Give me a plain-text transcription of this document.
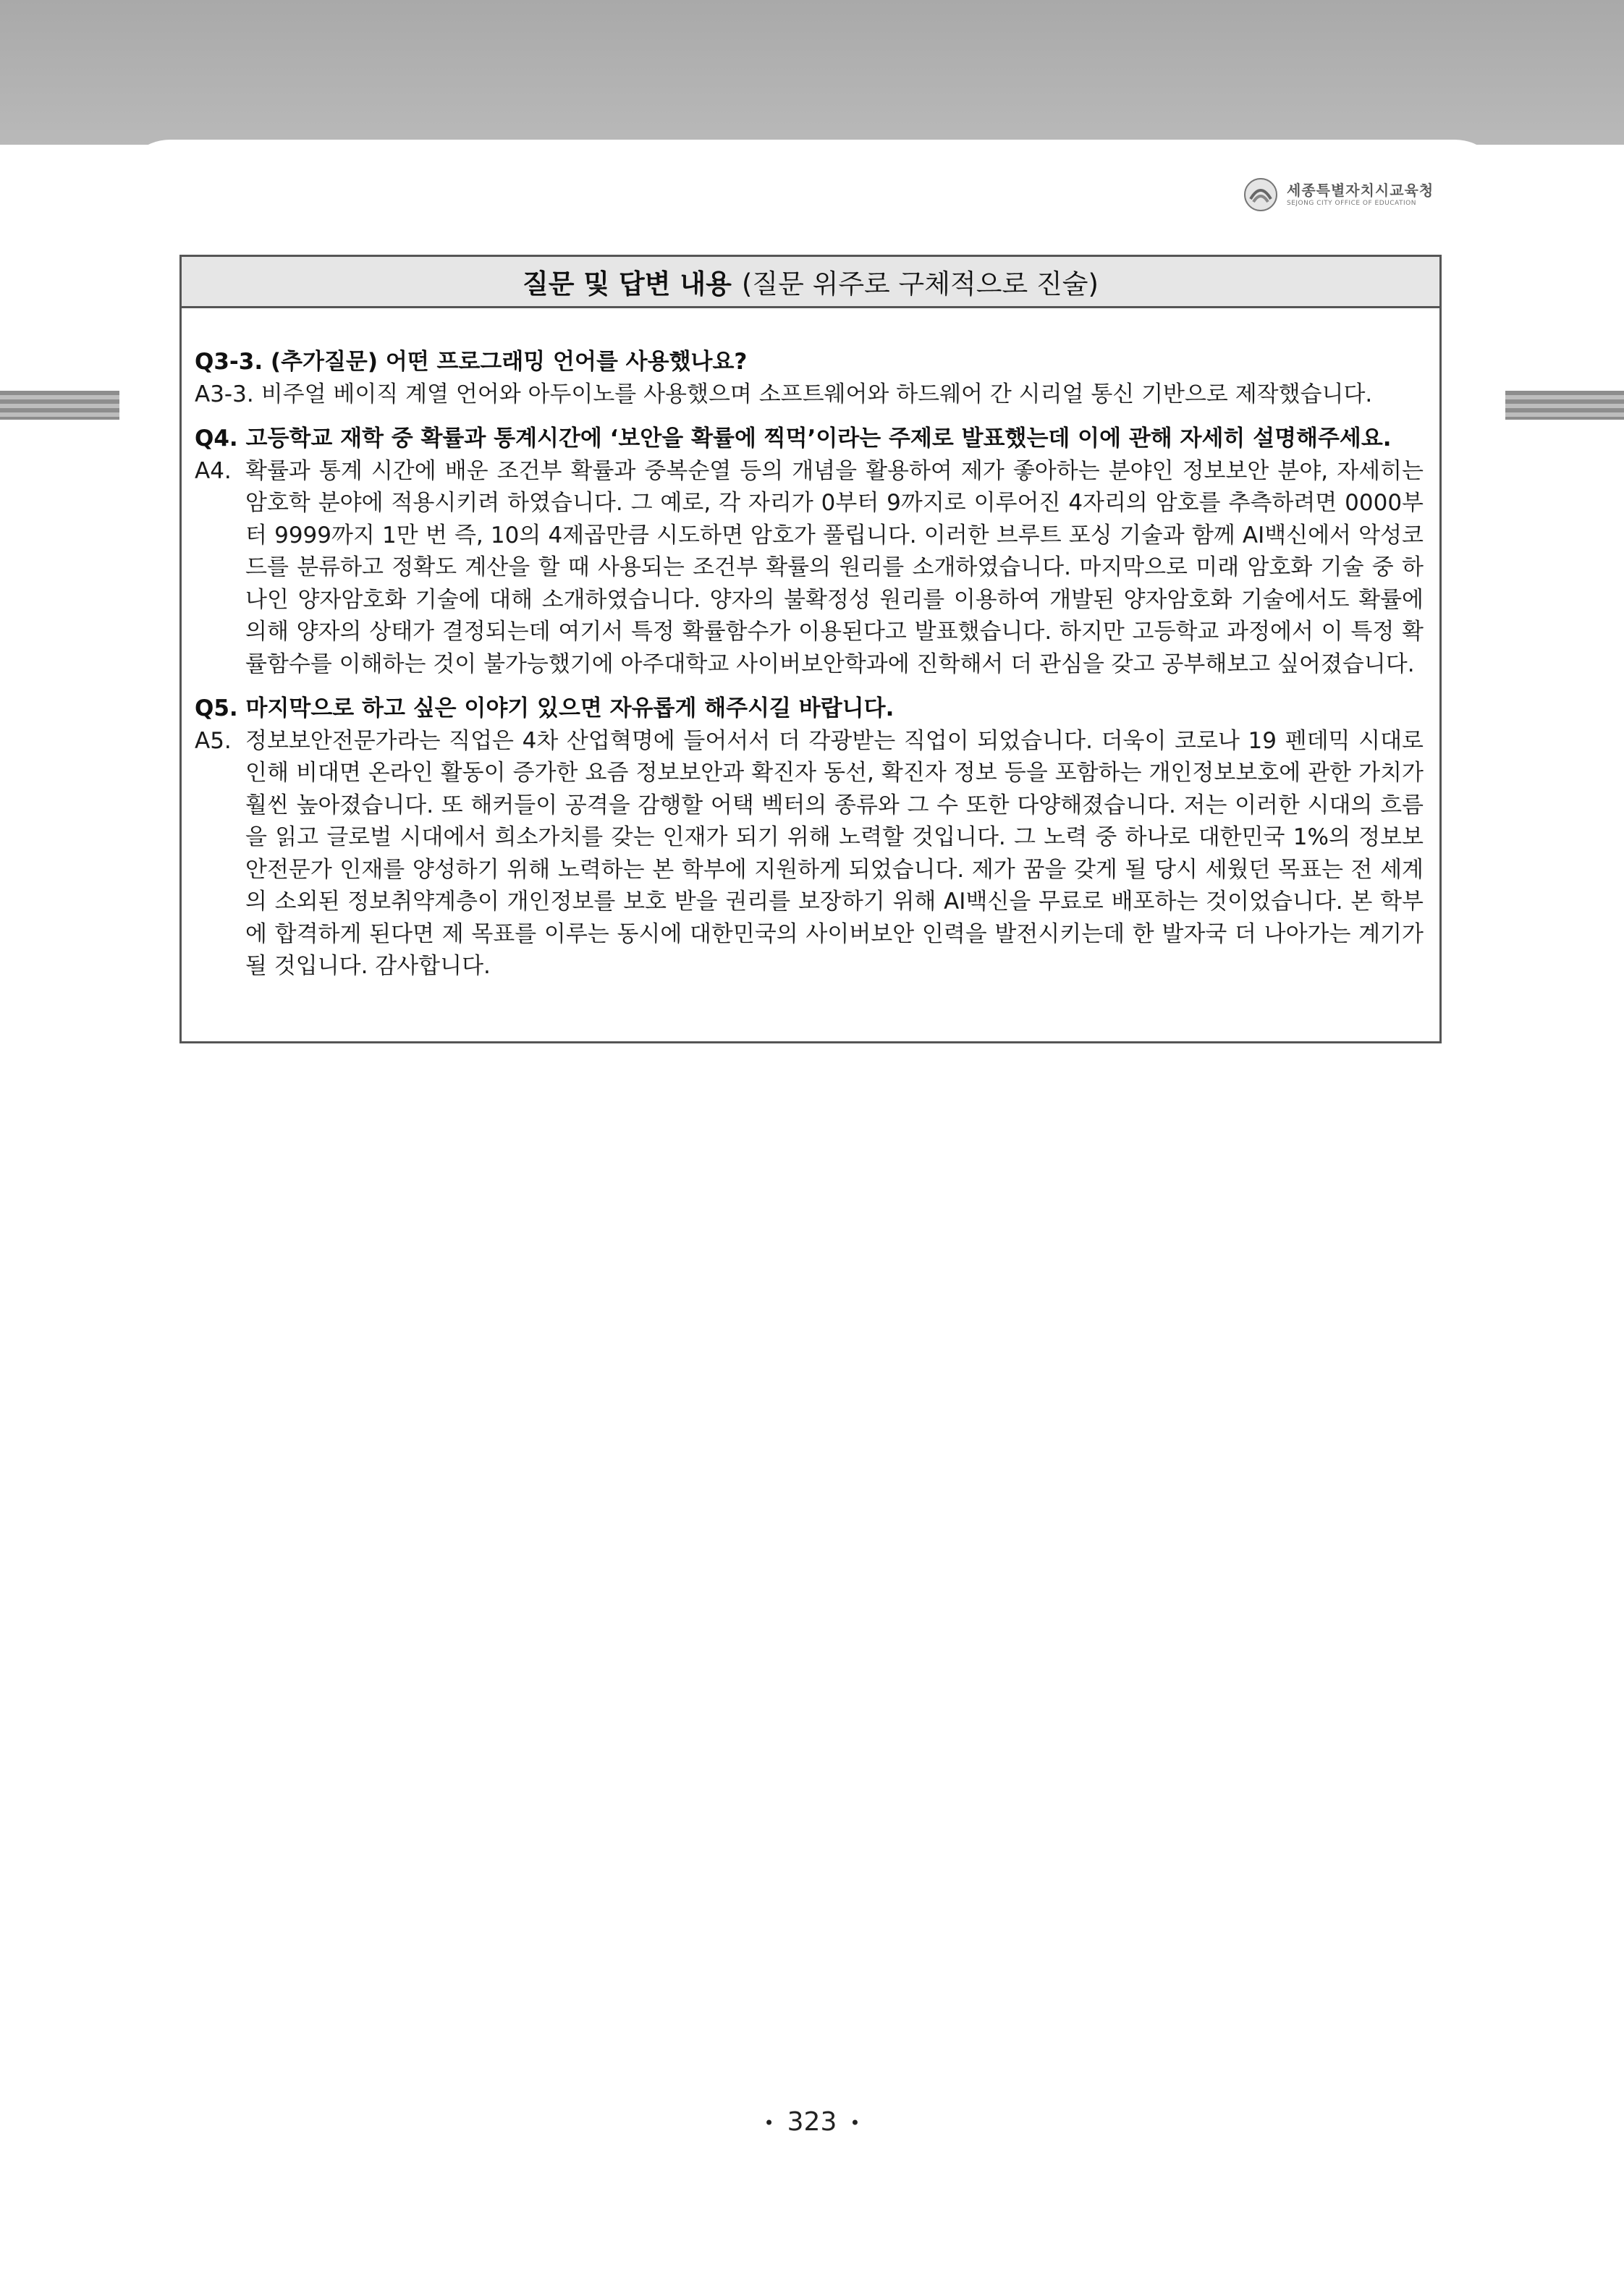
세종특별자치시교육청
SEJONG CITY OFFICE OF EDUCATION
질문 및 답변 내용 (질문 위주로 구체적으로 진술)
Q3-3. (추가질문) 어떤 프로그래밍 언어를 사용했나요?
A3-3. 비주얼 베이직 계열 언어와 아두이노를 사용했으며 소프트웨어와 하드웨어 간 시리얼 통신 기반으로 제작했습니다.
Q4. 고등학교 재학 중 확률과 통계시간에 ‘보안을 확률에 찍먹’이라는 주제로 발표했는데 이에 관해 자세히 설명해주세요.
A4. 확률과 통계 시간에 배운 조건부 확률과 중복순열 등의 개념을 활용하여 제가 좋아하는 분야인 정보보안 분야, 자세히는 암호학 분야에 적용시키려 하였습니다. 그 예로, 각 자리가 0부터 9까지로 이루어진 4자리의 암호를 추측하려면 0000부터 9999까지 1만 번 즉, 10의 4제곱만큼 시도하면 암호가 풀립니다. 이러한 브루트 포싱 기술과 함께 AI백신에서 악성코드를 분류하고 정확도 계산을 할 때 사용되는 조건부 확률의 원리를 소개하였습니다. 마지막으로 미래 암호화 기술 중 하나인 양자암호화 기술에 대해 소개하였습니다. 양자의 불확정성 원리를 이용하여 개발된 양자암호화 기술에서도 확률에 의해 양자의 상태가 결정되는데 여기서 특정 확률함수가 이용된다고 발표했습니다. 하지만 고등학교 과정에서 이 특정 확률함수를 이해하는 것이 불가능했기에 아주대학교 사이버보안학과에 진학해서 더 관심을 갖고 공부해보고 싶어졌습니다.
Q5. 마지막으로 하고 싶은 이야기 있으면 자유롭게 해주시길 바랍니다.
A5. 정보보안전문가라는 직업은 4차 산업혁명에 들어서서 더 각광받는 직업이 되었습니다. 더욱이 코로나 19 펜데믹 시대로 인해 비대면 온라인 활동이 증가한 요즘 정보보안과 확진자 동선, 확진자 정보 등을 포함하는 개인정보보호에 관한 가치가 훨씬 높아졌습니다. 또 해커들이 공격을 감행할 어택 벡터의 종류와 그 수 또한 다양해졌습니다. 저는 이러한 시대의 흐름을 읽고 글로벌 시대에서 희소가치를 갖는 인재가 되기 위해 노력할 것입니다. 그 노력 중 하나로 대한민국 1%의 정보보안전문가 인재를 양성하기 위해 노력하는 본 학부에 지원하게 되었습니다. 제가 꿈을 갖게 될 당시 세웠던 목표는 전 세계의 소외된 정보취약계층이 개인정보를 보호 받을 권리를 보장하기 위해 AI백신을 무료로 배포하는 것이었습니다. 본 학부에 합격하게 된다면 제 목표를 이루는 동시에 대한민국의 사이버보안 인력을 발전시키는데 한 발자국 더 나아가는 계기가 될 것입니다. 감사합니다.
• 323 •
